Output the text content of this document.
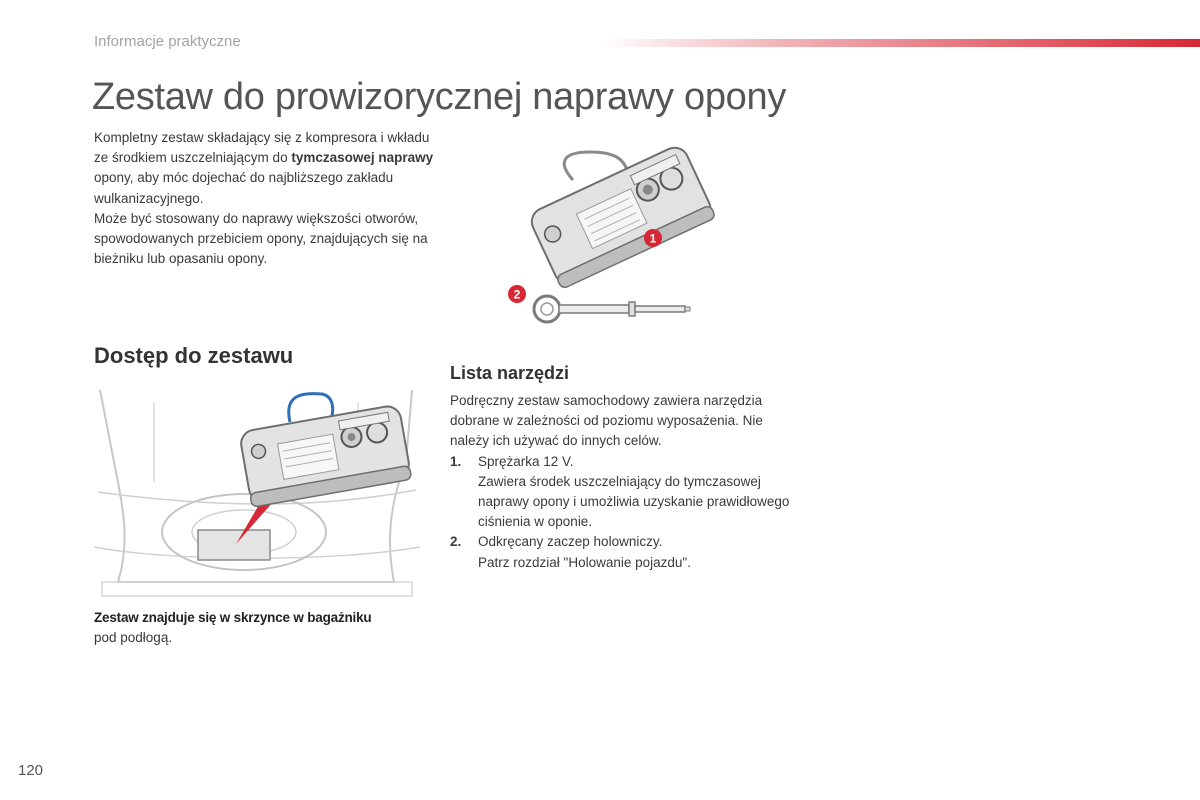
Informacje praktyczne
Zestaw do prowizorycznej naprawy opony

Kompletny zestaw składający się z kompresora i wkładu ze środkiem uszczelniającym do tymczasowej naprawy opony, aby móc dojechać do najbliższego zakładu wulkanizacyjnego.
Może być stosowany do naprawy większości otworów, spowodowanych przebiciem opony, znajdujących się na bieżniku lub opasaniu opony.

1
2
Dostęp do zestawu

Zestaw znajduje się w skrzynce w bagażniku
pod podłogą.

Lista narzędzi

Podręczny zestaw samochodowy zawiera narzędzia dobrane w zależności od poziomu wyposażenia. Nie należy ich używać do innych celów.

1. Sprężarka 12 V.
Zawiera środek uszczelniający do tymczasowej naprawy opony i umożliwia uzyskanie prawidłowego ciśnienia w oponie.
2. Odkręcany zaczep holowniczy.
Patrz rozdział "Holowanie pojazdu".
120
